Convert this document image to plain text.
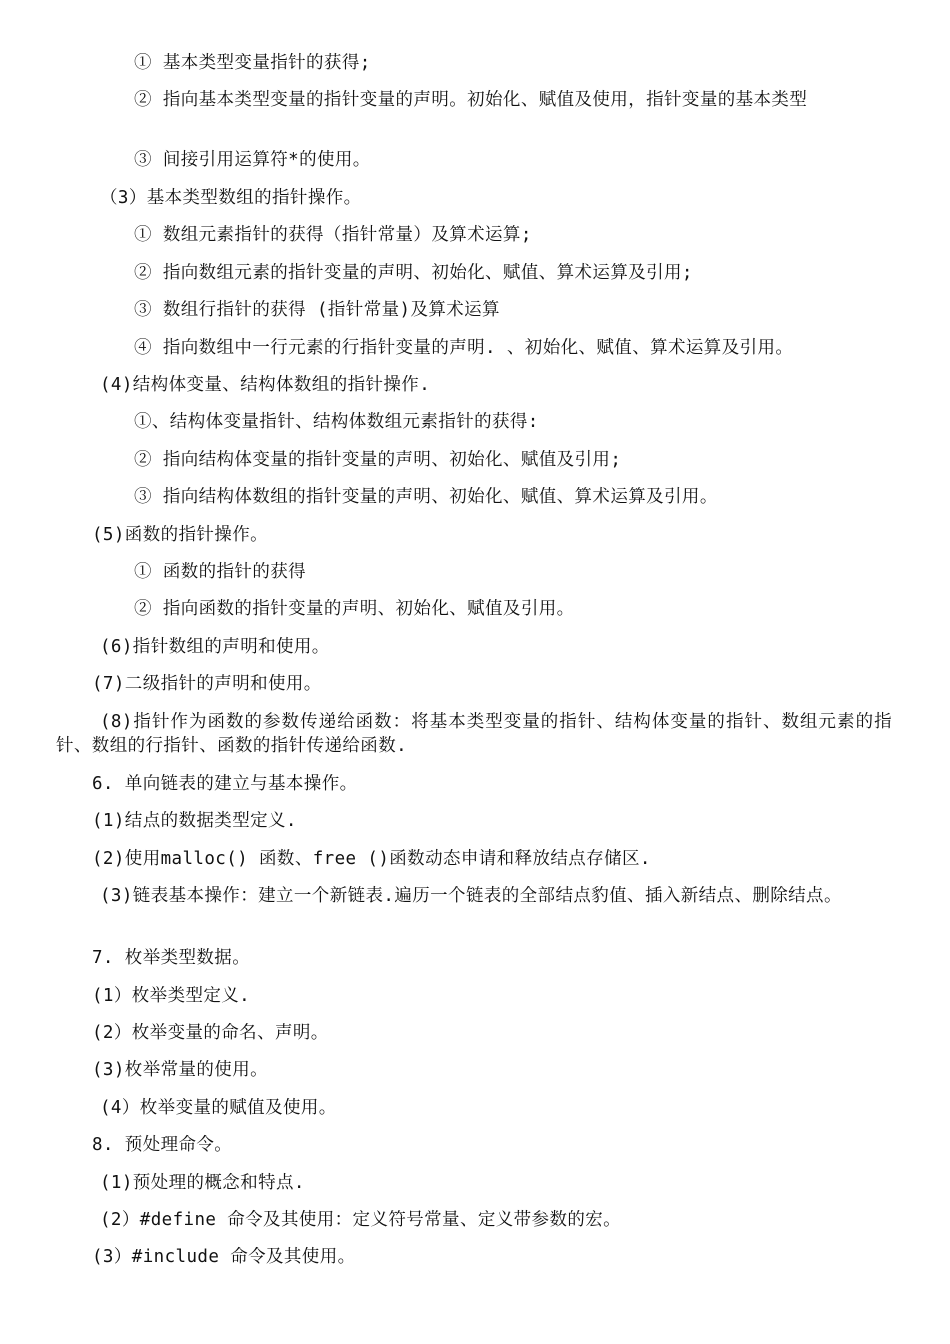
① 基本类型变量指针的获得;
② 指向基本类型变量的指针变量的声明。初始化、赋值及使用，指针变量的基本类型
③ 间接引用运算符*的使用。
（3）基本类型数组的指针操作。
① 数组元素指针的获得（指针常量）及算术运算;
② 指向数组元素的指针变量的声明、初始化、赋值、算术运算及引用;
③ 数组行指针的获得 (指针常量)及算术运算
④ 指向数组中一行元素的行指针变量的声明. 、初始化、赋值、算术运算及引用。
(4)结构体变量、结构体数组的指针操作.
①、结构体变量指针、结构体数组元素指针的获得:
② 指向结构体变量的指针变量的声明、初始化、赋值及引用;
③ 指向结构体数组的指针变量的声明、初始化、赋值、算术运算及引用。
(5)函数的指针操作。
① 函数的指针的获得
② 指向函数的指针变量的声明、初始化、赋值及引用。
(6)指针数组的声明和使用。
(7)二级指针的声明和使用。
(8)指针作为函数的参数传递给函数：将基本类型变量的指针、结构体变量的指针、数组元素的指针、数组的行指针、函数的指针传递给函数.
6. 单向链表的建立与基本操作。
(1)结点的数据类型定义.
(2)使用malloc() 函数、free ()函数动态申请和释放结点存储区.
(3)链表基本操作：建立一个新链表.遍历一个链表的全部结点豹值、插入新结点、删除结点。
7. 枚举类型数据。
(1）枚举类型定义.
(2）枚举变量的命名、声明。
(3)枚举常量的使用。
(4）枚举变量的赋值及使用。
8. 预处理命令。
(1)预处理的概念和特点.
(2）#define 命令及其使用：定义符号常量、定义带参数的宏。
(3）#include 命令及其使用。
